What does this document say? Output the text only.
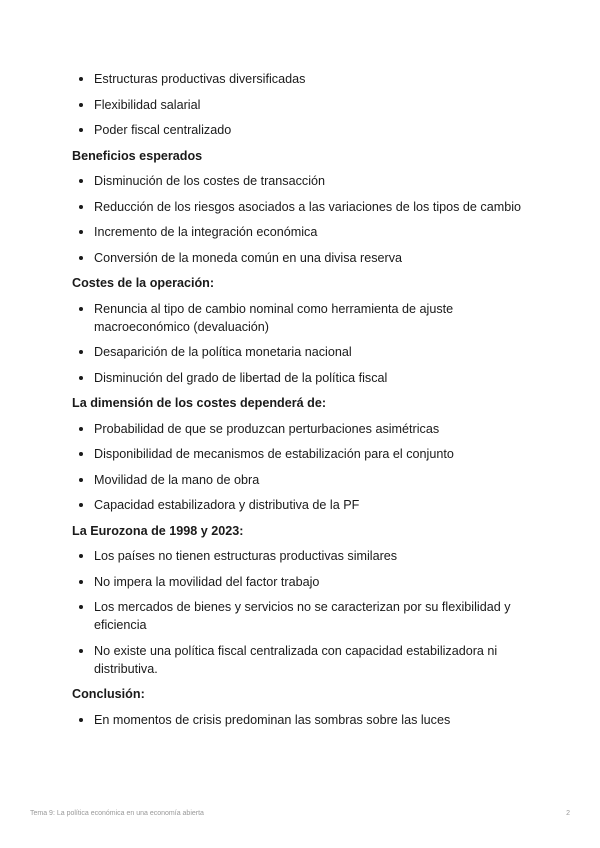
Estructuras productivas diversificadas
Flexibilidad salarial
Poder fiscal centralizado
Beneficios esperados
Disminución de los costes de transacción
Reducción de los riesgos asociados a las variaciones de los tipos de cambio
Incremento de la integración económica
Conversión de la moneda común en una divisa reserva
Costes de la operación:
Renuncia al tipo de cambio nominal como herramienta de ajuste macroeconómico (devaluación)
Desaparición de la política monetaria nacional
Disminución del grado de libertad de la política fiscal
La dimensión de los costes dependerá de:
Probabilidad de que se produzcan perturbaciones asimétricas
Disponibilidad de mecanismos de estabilización para el conjunto
Movilidad de la mano de obra
Capacidad estabilizadora y distributiva de la PF
La Eurozona de 1998 y 2023:
Los países no tienen estructuras productivas similares
No impera la movilidad del factor trabajo
Los mercados de bienes y servicios no se caracterizan por su flexibilidad y eficiencia
No existe una política fiscal centralizada con capacidad estabilizadora ni distributiva.
Conclusión:
En momentos de crisis predominan las sombras sobre las luces
Tema 9: La política económica en una economía abierta	2
